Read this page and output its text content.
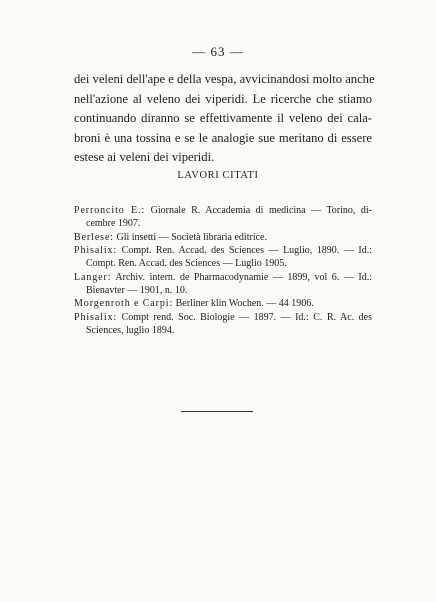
— 63 —
dei veleni dell'ape e della vespa, avvicinandosi molto anche
nell'azione al veleno dei viperidi. Le ricerche che stiamo
continuando diranno se effettivamente il veleno dei cala-
broni è una tossina e se le analogie sue meritano di essere
estese ai veleni dei viperidi.
LAVORI CITATI
Perroncito E.: Giornale R. Accademia di medicina — Torino, di-
cembre 1907.
Berlese: Gli insetti — Società libraria editrice.
Phisalix: Compt. Ren. Accad. des Sciences — Luglio, 1890. — Id.:
Compt. Ren. Accad. des Sciences — Luglio 1905.
Langer: Archiv. intern. de Pharmacodynamie — 1899, vol 6. — Id.:
Bienavter — 1901, n. 10.
Morgenroth e Carpi: Berliner klin Wochen. — 44 1906.
Phisalix: Compt rend. Soc. Biologie — 1897. — Id.: C. R. Ac. des
Sciences, luglio 1894.
